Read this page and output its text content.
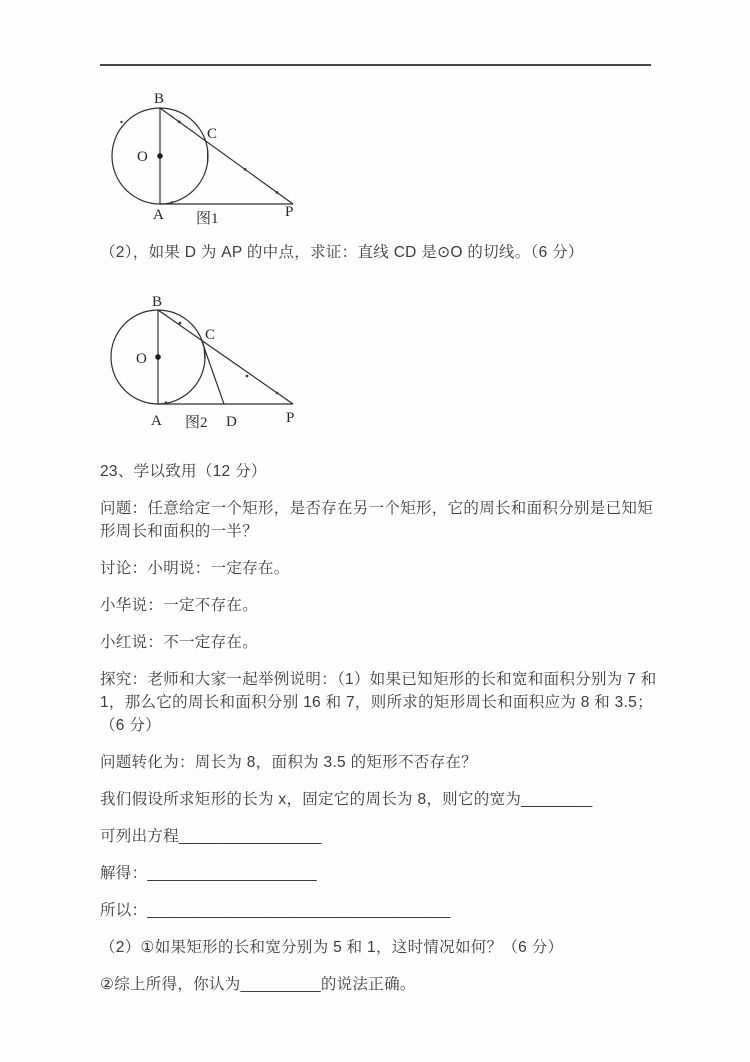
B
O
C
A	P
图1

（2），如果 D 为 AP 的中点，求证：直线 CD 是⊙O 的切线。（6 分）

B
O
C
A 图2 D	P

23、学以致用（12 分）

问题：任意给定一个矩形，是否存在另一个矩形，它的周长和面积分别是已知矩形周长和面积的一半？

讨论：小明说：一定存在。

小华说：一定不存在。

小红说：不一定存在。

探究：老师和大家一起举例说明：（1）如果已知矩形的长和宽和面积分别为 7 和 1，那么它的周长和面积分别 16 和 7，则所求的矩形周长和面积应为 8 和 3.5；（6 分）

问题转化为：周长为 8，面积为 3.5 的矩形不否存在？

我们假设所求矩形的长为 x，固定它的周长为 8，则它的宽为________

可列出方程________________

解得：___________________

所以：__________________________________

（2）①如果矩形的长和宽分别为 5 和 1，这时情况如何？（6 分）

②综上所得，你认为_________的说法正确。
